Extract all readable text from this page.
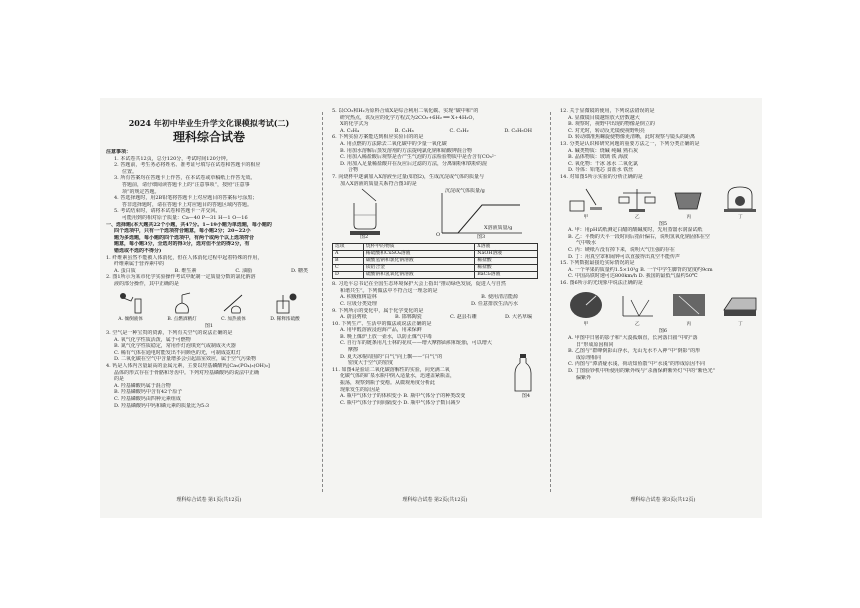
2024 年初中毕业生升学文化课模拟考试(二)
理科综合试卷
注意事项：
1. 本试卷共12页，总分120分，考试时间120分钟。
2. 答题前，考生务必将姓名、准考证号填写在试卷和答题卡的相应
位置。
3. 所有答案均在答题卡上作答，在本试卷或草稿纸上作答无效。
答题前，请仔细阅读答题卡上的“注意事项”，按照“注意事
项”的规定答题。
4. 答选择题时，用2B铅笔将答题卡上对应题目的答案标号涂黑；
答非选择题时，请在答题卡上对应题目的答题区域内答题。
5. 考试结束时，请将本试卷和答题卡一并交回。
可能用到的相对原子质量：Ca—40 P—31 H—1 O—16
一、选择题(本大题共22个小题，共47分。1~19小题为单选题，每小题的
四个选项中，只有一个选项符合题意，每小题2分；20~22小
题为多选题，每小题的四个选项中，有两个或两个以上选项符合
题意，每小题3分，全选对的得3分，选对但不全的得2分，有
错选或不选的不得分)
1. 纤维素虽然不能被人体消化，但在人体消化过程中起着特殊的作用，
纤维素属于营养素中的
A. 蛋白质	B. 维生素	C. 油脂	D. 糖类
2. 图1所示为某市化学实验操作考试中配制一定质量分数的氯化钠溶
液的部分操作，其中正确的是
A. 倾倒液体	B. 点燃酒精灯	C. 加热液体	D. 稀释浓硫酸
图1
3. 空气是一种宝贵的资源，下列有关空气的说法正确的是
A. 氧气化学性质活泼，属于可燃物
B. 氮气化学性质稳定，常用作灯泡填充气或制成灭火器
C. 稀有气体在通电时能发出不同颜色的光，可制成霓虹灯
D. 二氧化碳在空气中含量增多会引起温室效应，属于空气污染物
4. 钙是人体内含量最高的金属元素，主要以羟基磷酸钙[Ca₅(PO₄)₃(OH)₂]
晶体的形式存在于骨骼和牙齿中。下列对羟基磷酸钙的说法中正确
的是
A. 羟基磷酸钙属于混合物
B. 羟基磷酸钙中含有42个原子
C. 羟基磷酸钙由四种元素组成
D. 羟基磷酸钙中钙和磷元素的质量比为5:3
理科综合试卷 第1页(共12页)
5. 以CO₂和H₂为原料合成X是综合利用二氧化碳、实现“碳中和”的
研究热点，该反应的化学方程式为2CO₂+6H₂ ══ X+4H₂O，
X的化学式为
A. C₂H₄	B. C₂H₆	C. C₂H₂	D. C₂H₅OH
6. 下列实验方案能达到相应实验目的的是
A. 用点燃的方法除去二氧化碳中的少量一氧化碳
B. 用加水溶解后蒸发溶剂的方法提纯氯化钠和硝酸钾混合物
C. 用加入稀盐酸后观察是否产生气泡的方法检验物质中是否含有CO₃²⁻
D. 用加入足量稀盐酸并在反应后过滤的方法，分离铜粉和铁粉的混
合物
7. 向烧杯中逐滴加入X溶液至过量(如图2)，生成沉淀或气体的质量与
加入X溶液的质量关系符合图3的是
沉淀或气体质量/g
O
X溶液质量/g
图2	图3
选项	烧杯中的物质	X溶液
A	稀硫酸和CuSO₄溶液	NaOH溶液
B	碳酸氢钠和氯化钠溶液	稀盐酸
C	镁铝合金	稀盐酸
D	硫酸钠和氢氧化钠溶液	BaCl₂溶液
8. 习近平总书记在全国生态环境保护大会上指出“推动绿色发展，促进人与自然
和谐共生”。下列做法中不符合这一理念的是
A. 积极植树造林	B. 使用清洁能源
C. 垃圾分类处理	D. 任意排放生活污水
9. 下列所示的变化中，属于化学变化的是
A. 蔚县剪纸	B. 邯郸陶瓷	C. 赵县石雕	D. 大名草编
10. 下列生产、生活中的做法或说法正确的是
A. 用甲醛溶液浸泡海产品，用来保鲜
B. 晚上煤炉上放一壶水，以防止煤气中毒
C. 自行车的链条用凡士林的花纹——增大摩擦面积和轮胎，可以增大
摩擦
D. 夏天冰棍周围的“白气”向上飘——“白气”的
密度大于空气的密度
11. 如图4是验证二氧化碳溶解性的实验，向充满二氧
化碳气体的矿泉水瓶中倒入适量水，迅速盖紧瓶盖，
振荡，观察到瓶子变瘪。从微观角度分析此
现象发生的原因是
图4
A. 瓶中气体分子的体积变小 B. 瓶中气体分子的种类改变
C. 瓶中气体分子间间隔变小 D. 瓶中气体分子数目减少
理科综合试卷 第2页(共12页)
12. 关于显微镜的使用，下列说法错误的是
A. 显微镜目镜越短放大倍数越大
B. 观察时，视野中出现的物像是倒立的
C. 对光时，转动反光镜使视野明亮
D. 转动细准焦螺旋使物像更清晰，此时观察与镜头的距离
13. 分类是认识和研究问题的重要方法之一，下列分类正确的是
A. 碱类物质：烧碱 纯碱 熟石灰
B. 晶体物质：玻璃 铁 海波
C. 氧化物：干冰 冰水 二氧化氯
D. 导体：铅笔芯 食盐水 铁丝
14. 对如图5所示实验的分析正确的是
甲	乙	丙	丁
图5
A. 甲：用pH试纸测定白醋的酸碱度时，先用蒸馏水润湿试纸
B. 乙：平衡的天平一段时间后指针偏右，说明氢氧化钠固体在空
气中吸水
C. 丙：硬纸片没有掉下来，说明大气压强的存在
D. 丁：用真空罩和闹钟可以直接得出真空不能传声
15. 下列数据最接近实际情况的是
A. 一个苹果的质量约1.5×10³g B. 一个中学生脚背的宽度约9cm
C. 中国高铁时速可达800km/h D. 我国的最低气温约50℃
16. 图6所示的光现象中说法正确的是
甲	乙	丙	丁
图6
A. 甲图中日晷的影子和“大漠孤烟直，长河落日圆”中的“落
日”形成原因相同
B. 乙图与“群峰倒影山浮水，无山无水不入神”中“倒影”的形
成原理相同
C. 丙图与“潭清疑水浅，荷动知鱼散”中“水浅”的形成原因不同
D. 丁图验钞机中所使用的紫外线与“杀菌保鲜紫外灯”中的“紫色光”
偏紫外
理科综合试卷 第3页(共12页)
